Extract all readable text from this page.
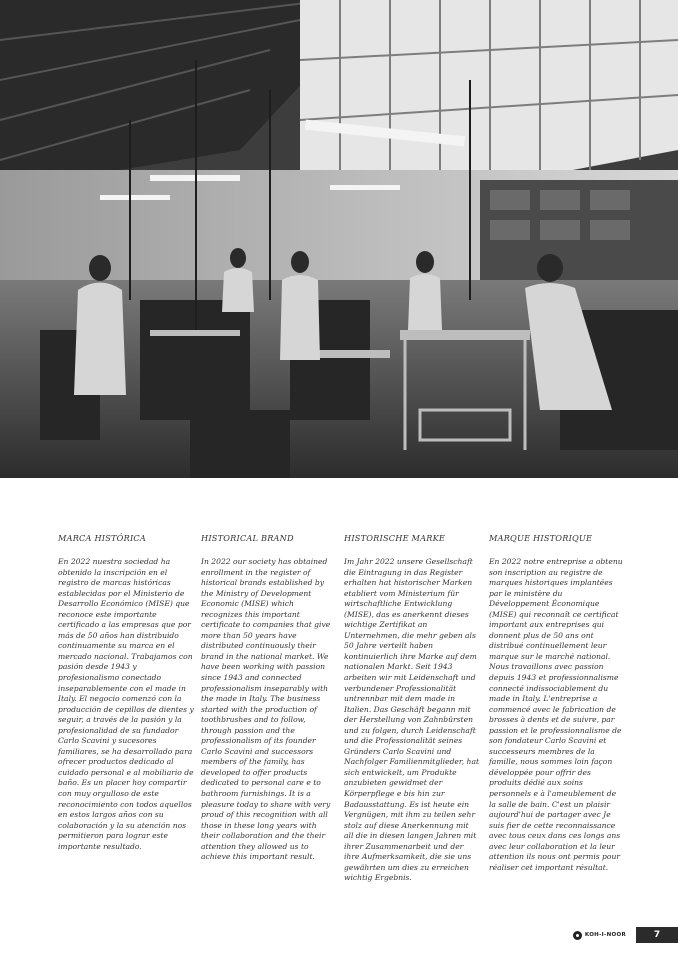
MARCA HISTÓRICA

En 2022 nuestra sociedad ha obtenido la inscripción en el registro de marcas históricas establecidas por el Ministerio de Desarrollo Económico (MISE) que reconoce este importante certificado a las empresas que por más de 50 años han distribuido continuamente su marca en el mercado nacional. Trabajamos con pasión desde 1943 y profesionalismo conectado inseparablemente con el made in Italy. El negocio comenzó con la producción de cepillos de dientes y seguir, a través de la pasión y la profesionalidad de su fundador Carlo Scavini y sucesores familiares, se ha desarrollado para ofrecer productos dedicado al cuidado personal e al mobiliario de baño. Es un placer hoy compartir con muy orgulloso de este reconocimiento con todos aquellos en estos largos años con su colaboración y la su atención nos permitieron para lograr este importante resultado.

HISTORICAL BRAND

In 2022 our society has obtained enrollment in the register of historical brands established by the Ministry of Development Economic (MISE) which recognizes this important certificate to companies that give more than 50 years have distributed continuously their brand in the national market. We have been working with passion since 1943 and connected professionalism inseparably with the made in Italy. The business started with the production of toothbrushes and to follow, through passion and the professionalism of its founder Carlo Scavini and successors members of the family, has developed to offer products dedicated to personal care e to bathroom furnishings. It is a pleasure today to share with very proud of this recognition with all those in these long years with their collaboration and the their attention they allowed us to achieve this important result.

HISTORISCHE MARKE

Im Jahr 2022 unsere Gesellschaft die Eintragung in das Register erhalten hat historischer Marken etabliert vom Ministerium für wirtschaftliche Entwicklung (MISE), das es anerkennt dieses wichtige Zertifikat an Unternehmen, die mehr geben als 50 Jahre verteilt haben kontinuierlich ihre Marke auf dem nationalen Markt. Seit 1943 arbeiten wir mit Leidenschaft und verbundener Professionalität untrennbar mit dem made in Italien. Das Geschäft begann mit der Herstellung von Zahnbürsten und zu folgen, durch Leidenschaft und die Professionalität seines Gründers Carlo Scavini und Nachfolger Familienmitglieder, hat sich entwickelt, um Produkte anzubieten gewidmet der Körperpflege e bis hin zur Badausstattung. Es ist heute ein Vergnügen, mit ihm zu teilen sehr stolz auf diese Anerkennung mit all die in diesen langen Jahren mit ihrer Zusammenarbeit und der ihre Aufmerksamkeit, die sie uns gewährten um dies zu erreichen wichtig Ergebnis.

MARQUE HISTORIQUE

En 2022 notre entreprise a obtenu son inscription au registre de marques historiques implantées par le ministère du Développement Économique (MISE) qui reconnaît ce certificat important aux entreprises qui donnent plus de 50 ans ont distribué continuellement leur marque sur le marché national. Nous travaillons avec passion depuis 1943 et professionnalisme connecté indissociablement du made in Italy. L'entreprise a commencé avec le fabrication de brosses à dents et de suivre, par passion et le professionnalisme de son fondateur Carlo Scavini et successeurs membres de la famille, nous sommes loin façon développée pour offrir des produits dédié aux soins personnels e à l'ameublement de la salle de bain. C'est un plaisir aujourd'hui de partager avec Je suis fier de cette reconnaissance avec tous ceux dans ces longs ans avec leur collaboration et la leur attention ils nous ont permis pour réaliser cet important résultat.

KOH-I-NOOR	7
